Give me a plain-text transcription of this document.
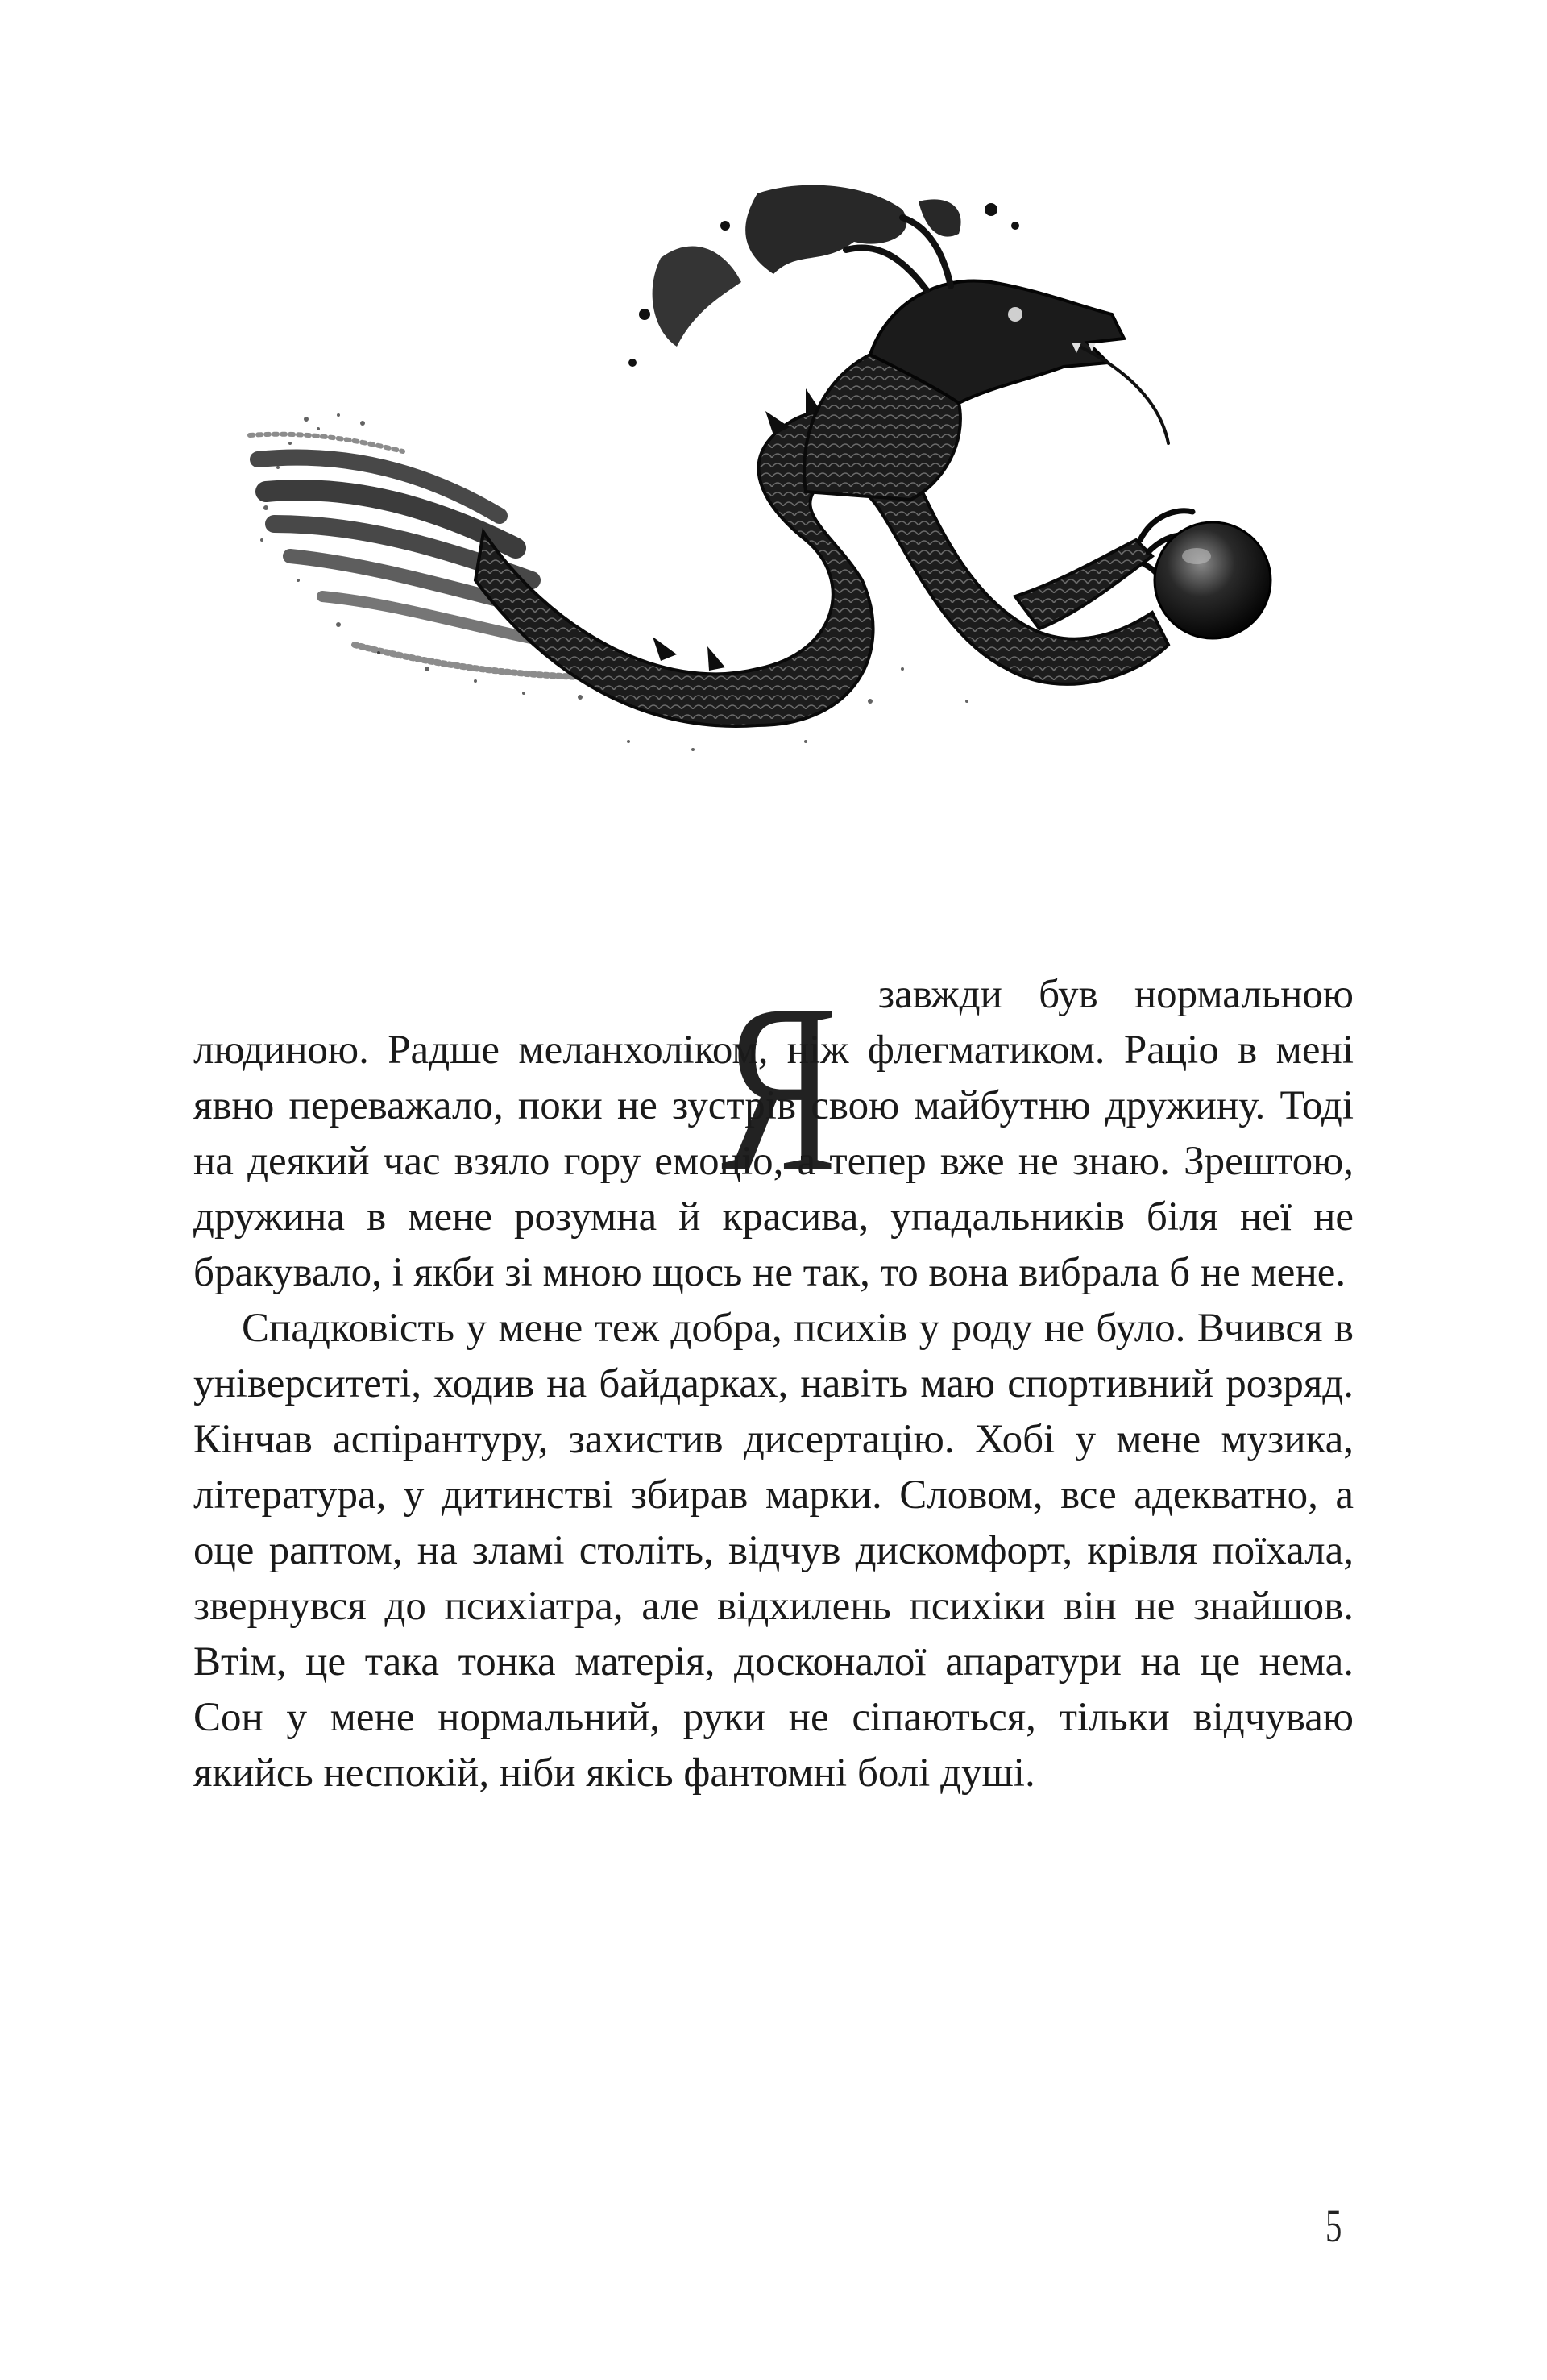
Я завжди був нормальною людиною. Радше меланхоліком, ніж флегматиком. Раціо в мені явно переважало, поки не зустрів свою майбутню дружину. Тоді на деякий час взяло гору емоціо, а тепер вже не знаю. Зрештою, дружина в мене розумна й красива, упадальників біля неї не бракувало, і якби зі мною щось не так, то вона вибрала б не мене.

Спадковість у мене теж добра, психів у роду не було. Вчився в університеті, ходив на байдарках, навіть маю спортивний розряд. Кінчав аспірантуру, захистив дисертацію. Хобі у мене музика, література, у дитинстві збирав марки. Словом, все адекватно, а оце раптом, на зламі століть, відчув дискомфорт, крівля поїхала, звернувся до психіатра, але відхилень психіки він не знайшов. Втім, це така тонка матерія, досконалої апаратури на це нема. Сон у мене нормальний, руки не сіпаються, тільки відчуваю якийсь неспокій, ніби якісь фантомні болі душі.

5
